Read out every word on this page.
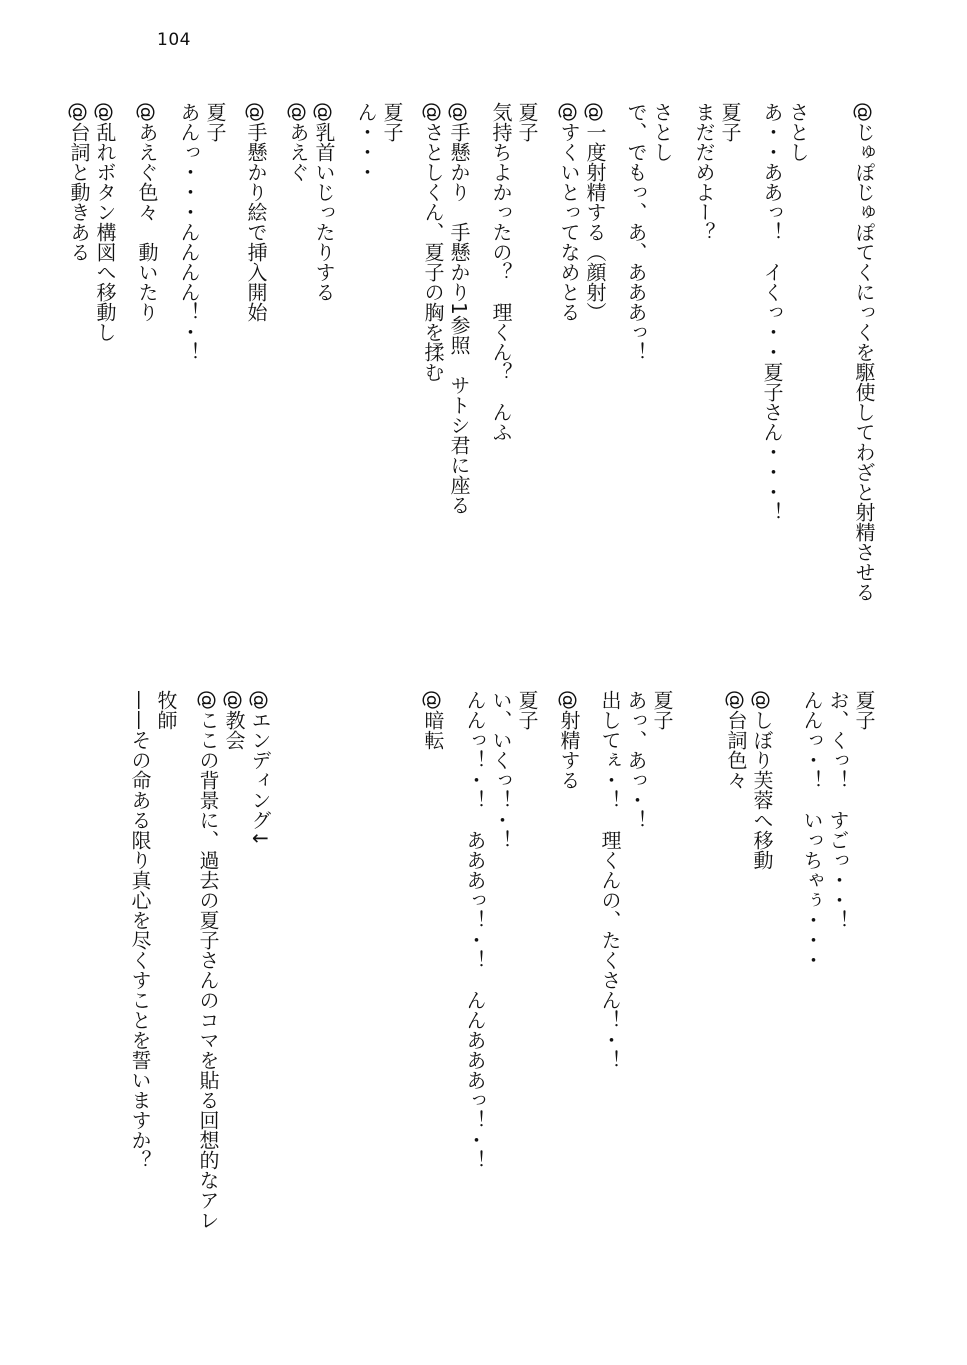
104
@じゅぽじゅぽてくにっくを駆使してわざと射精させる
さとし
あ・・ああっ！　イくっ・・夏子さん・・・！
夏子
まだだめよー？
さとし
で、でもっ、あ、あああっ！
@一度射精する（顔射）
@すくいとってなめとる
夏子
気持ちよかったの？　理くん？　んふ
@手懸かり　手懸かり1参照　サトシ君に座る
@さとしくん、夏子の胸を揉む
夏子
ん・・・
@乳首いじったりする
@あえぐ
@手懸かり絵で挿入開始
夏子
あんっ・・・んんんん！・！
@あえぐ色々　動いたり
@乱れボタン構図へ移動し
@台詞と動きある
夏子
お、くっ！　すごっ・・！
んんっ・！　いっちゃぅ・・・
@しぼり芙蓉へ移動
@台詞色々
夏子
あっ、あっ・！
出してぇ・！　理くんの、たくさん！・！
@射精する
夏子
い、いくっ！・！
んんっ！・！　あああっ！・！　んんあああっ！・！
@暗転
@エンディング↓
@教会
@ここの背景に、過去の夏子さんのコマを貼る回想的なアレ
牧師
——その命ある限り真心を尽くすことを誓いますか？
